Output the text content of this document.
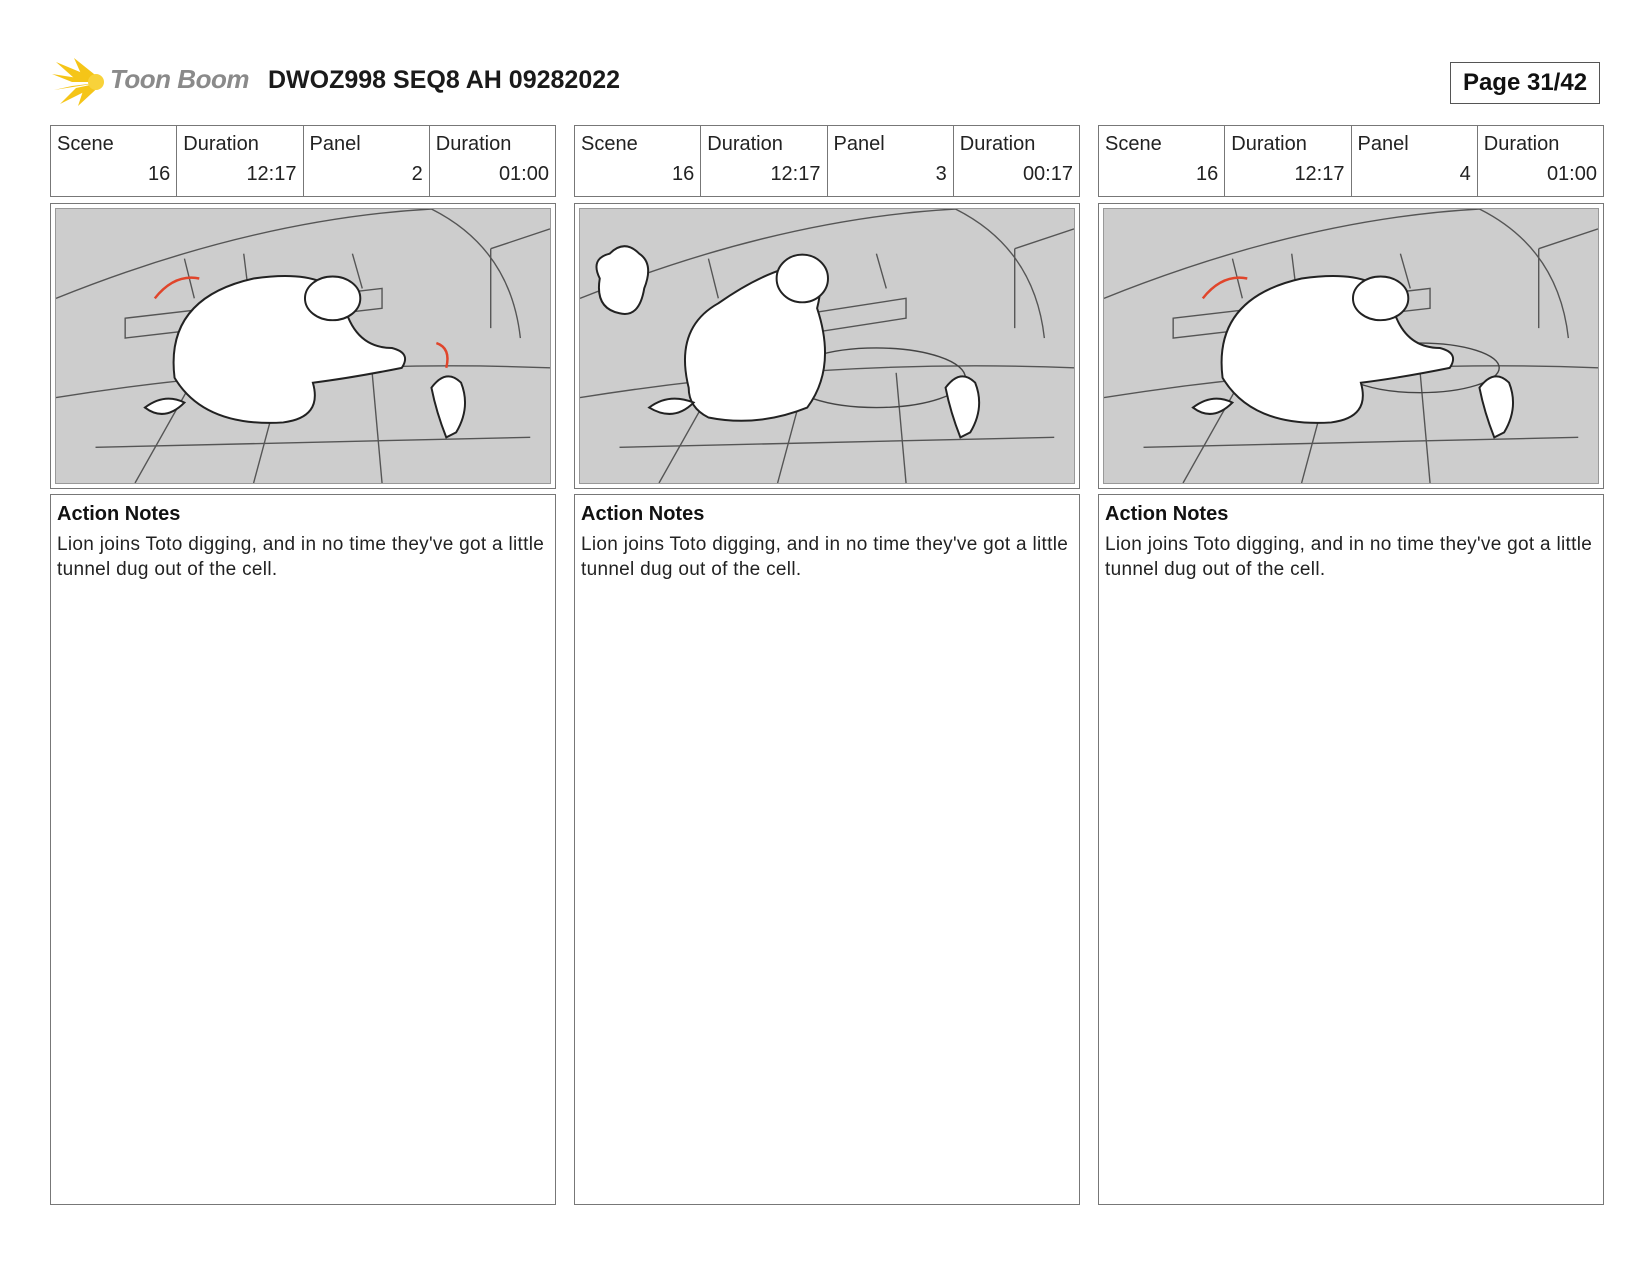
Toon Boom DWOZ998 SEQ8 AH 09282022	Page 31/42
Scene
16
Duration
12:17
Panel
2
Duration
01:00
Action Notes
Lion joins Toto digging, and in no time they've got a little tunnel dug out of the cell.
Scene
16
Duration
12:17
Panel
3
Duration
00:17
Action Notes
Lion joins Toto digging, and in no time they've got a little tunnel dug out of the cell.
Scene
16
Duration
12:17
Panel
4
Duration
01:00
Action Notes
Lion joins Toto digging, and in no time they've got a little tunnel dug out of the cell.
